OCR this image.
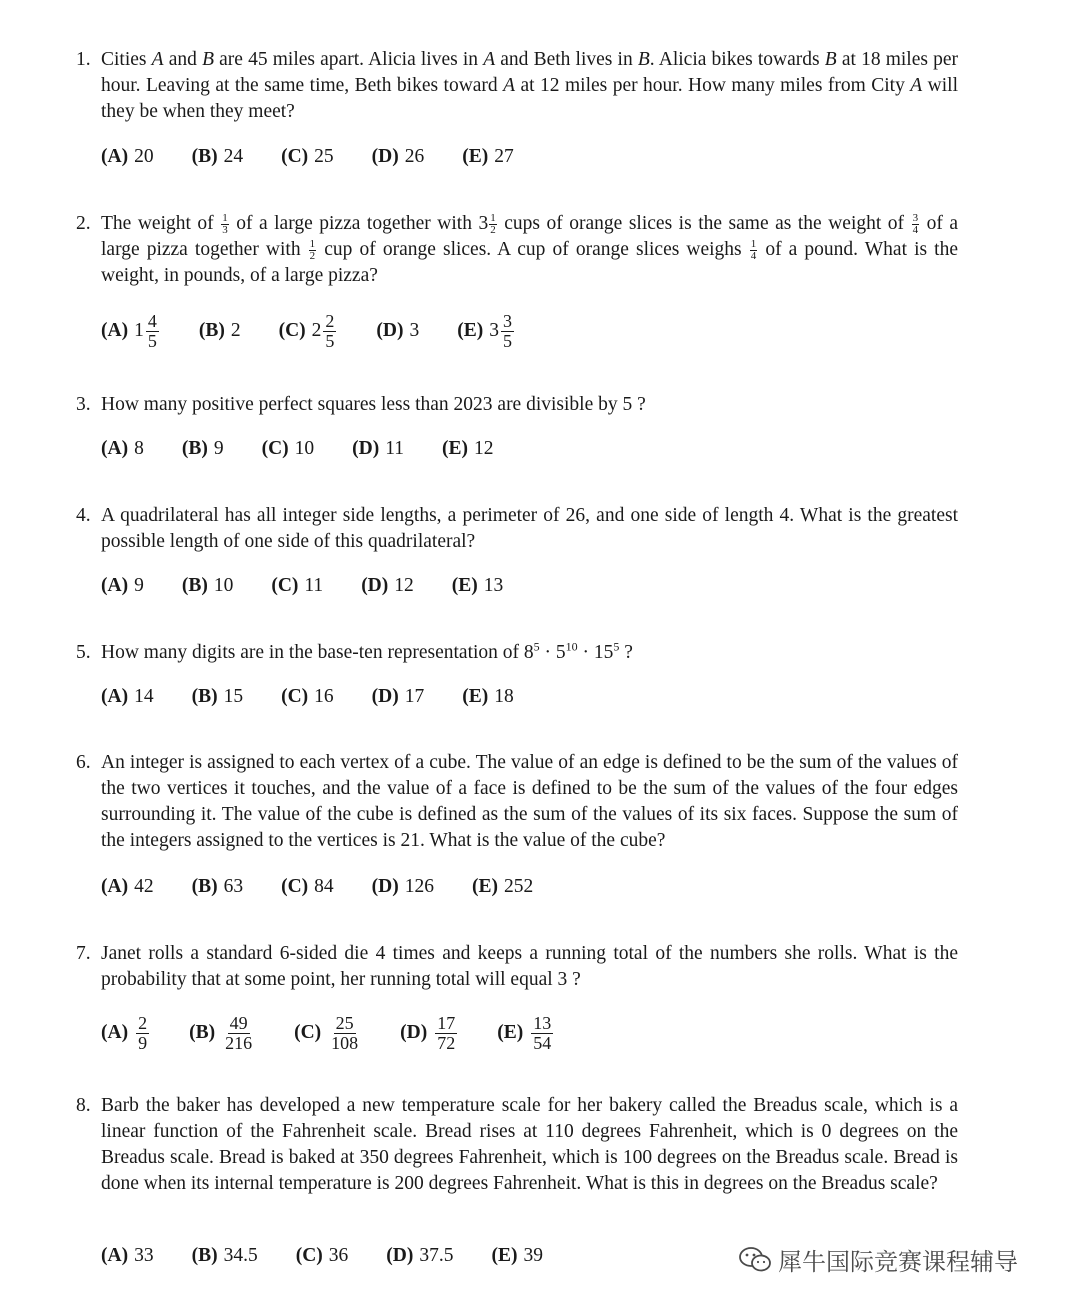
1. Cities A and B are 45 miles apart. Alicia lives in A and Beth lives in B. Alicia bikes towards B at 18 miles per hour. Leaving at the same time, Beth bikes toward A at 12 miles per hour. How many miles from City A will they be when they meet?
(A) 20 (B) 24 (C) 25 (D) 26 (E) 27
2. The weight of $\frac{1}{3}$ of a large pizza together with $3 \frac{1}{2}$ cups of orange slices is the same as the weight of $\frac{3}{4}$ of a large pizza together with $\frac{1}{2}$ cup of orange slices. A cup of orange slices weighs $\frac{1}{4}$ of a pound. What is the weight, in pounds, of a large pizza?
(A) $1 \frac{4}{5} (B)$ 2 (C) $2 \frac{2}{5} (D)$ 3 (E) $3 \frac{3}{5}$
3. How many positive perfect squares less than 2023 are divisible by 5 ?
(A) 8 (B) 9 (C) 10 (D) 11 (E) 12
4. A quadrilateral has all integer side lengths, a perimeter of 26, and one side of length 4. What is the greatest possible length of one side of this quadrilateral?
(A) 9 (B) 10 (C) 11 (D) 12 (E) 13
5. How many digits are in the base-ten representation of $8^5 \cdot 5^{10} \cdot 15^5$ ?
(A) 14 (B) 15 (C) 16 (D) 17 (E) 18
6. An integer is assigned to each vertex of a cube. The value of an edge is defined to be the sum of the values of the two vertices it touches, and the value of a face is defined to be the sum of the values of the four edges surrounding it. The value of the cube is defined as the sum of the values of its six faces. Suppose the sum of the integers assigned to the vertices is 21. What is the value of the cube?
(A) 42 (B) 63 (C) 84 (D) 126 (E) 252
7. Janet rolls a standard 6-sided die 4 times and keeps a running total of the numbers she rolls. What is the probability that at some point, her running total will equal 3 ?
$(A) \frac{2}{9} (B) \frac{49}{216} (C) \frac{25}{108} (D) \frac{17}{72} (E) \frac{13}{54}$
8. Barb the baker has developed a new temperature scale for her bakery called the Breadus scale, which is a linear function of the Fahrenheit scale. Bread rises at 110 degrees Fahrenheit, which is 0 degrees on the Breadus scale. Bread is baked at 350 degrees Fahrenheit, which is 100 degrees on the Breadus scale. Bread is done when its internal temperature is 200 degrees Fahrenheit. What is this in degrees on the Breadus scale?
(A) 33 (B) 34.5 (C) 36 (D) 37.5 (E) 39	犀牛国际竞赛课程辅导
